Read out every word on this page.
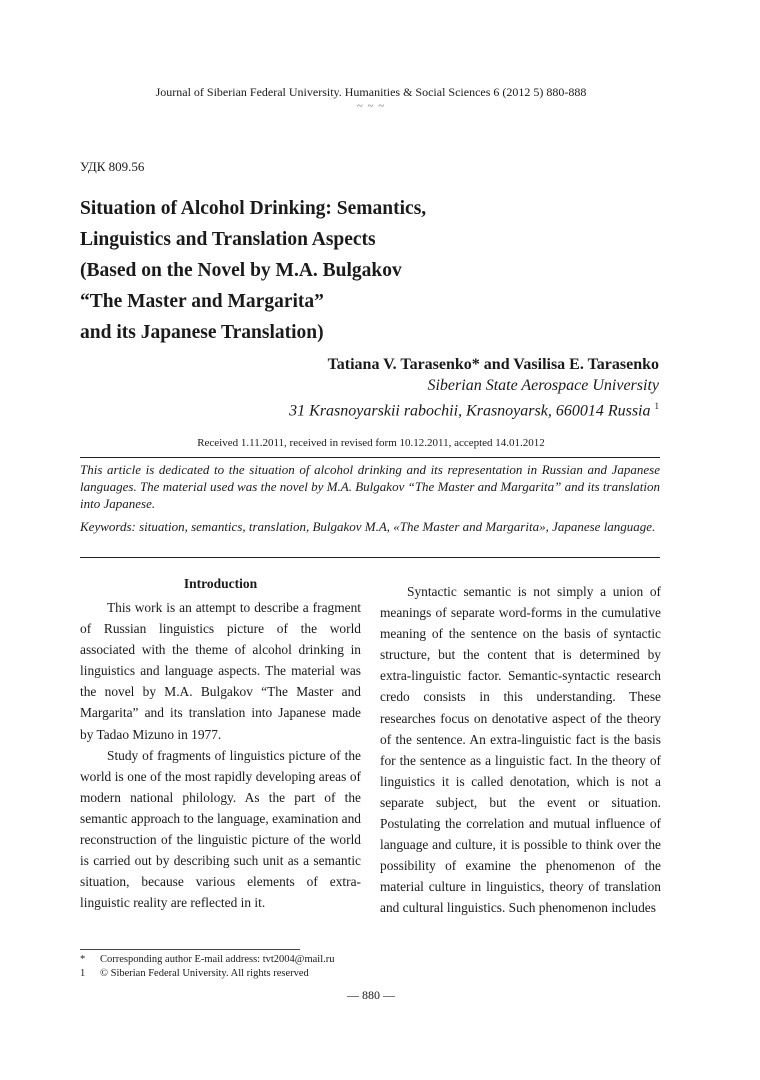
Journal of Siberian Federal University. Humanities & Social Sciences 6 (2012 5) 880-888
~ ~ ~
УДК 809.56
Situation of Alcohol Drinking: Semantics,
Linguistics and Translation Aspects
(Based on the Novel by M.A. Bulgakov
“The Master and Margarita”
and its Japanese Translation)
Tatiana V. Tarasenko* and Vasilisa E. Tarasenko
Siberian State Aerospace University
31 Krasnoyarskii rabochii, Krasnoyarsk, 660014 Russia $^1$
Received 1.11.2011, received in revised form 10.12.2011, accepted 14.01.2012

This article is dedicated to the situation of alcohol drinking and its representation in Russian and Japanese languages. The material used was the novel by M.A. Bulgakov “The Master and Margarita” and its translation into Japanese.

Keywords: situation, semantics, translation, Bulgakov M.A, «The Master and Margarita», Japanese language.

Introduction

This work is an attempt to describe a fragment of Russian linguistics picture of the world associated with the theme of alcohol drinking in linguistics and language aspects. The material was the novel by M.A. Bulgakov “The Master and Margarita” and its translation into Japanese made by Tadao Mizuno in 1977.

Study of fragments of linguistics picture of the world is one of the most rapidly developing areas of modern national philology. As the part of the semantic approach to the language, examination and reconstruction of the linguistic picture of the world is carried out by describing such unit as a semantic situation, because various elements of extra-linguistic reality are reflected in it.

Syntactic semantic is not simply a union of meanings of separate word-forms in the cumulative meaning of the sentence on the basis of syntactic structure, but the content that is determined by extra-linguistic factor. Semantic-syntactic research credo consists in this understanding. These researches focus on denotative aspect of the theory of the sentence. An extra-linguistic fact is the basis for the sentence as a linguistic fact. In the theory of linguistics it is called denotation, which is not a separate subject, but the event or situation. Postulating the correlation and mutual influence of language and culture, it is possible to think over the possibility of examine the phenomenon of the material culture in linguistics, theory of translation and cultural linguistics. Such phenomenon includes

* Corresponding author E-mail address: tvt2004@mail.ru
1 © Siberian Federal University. All rights reserved
— 880 —
